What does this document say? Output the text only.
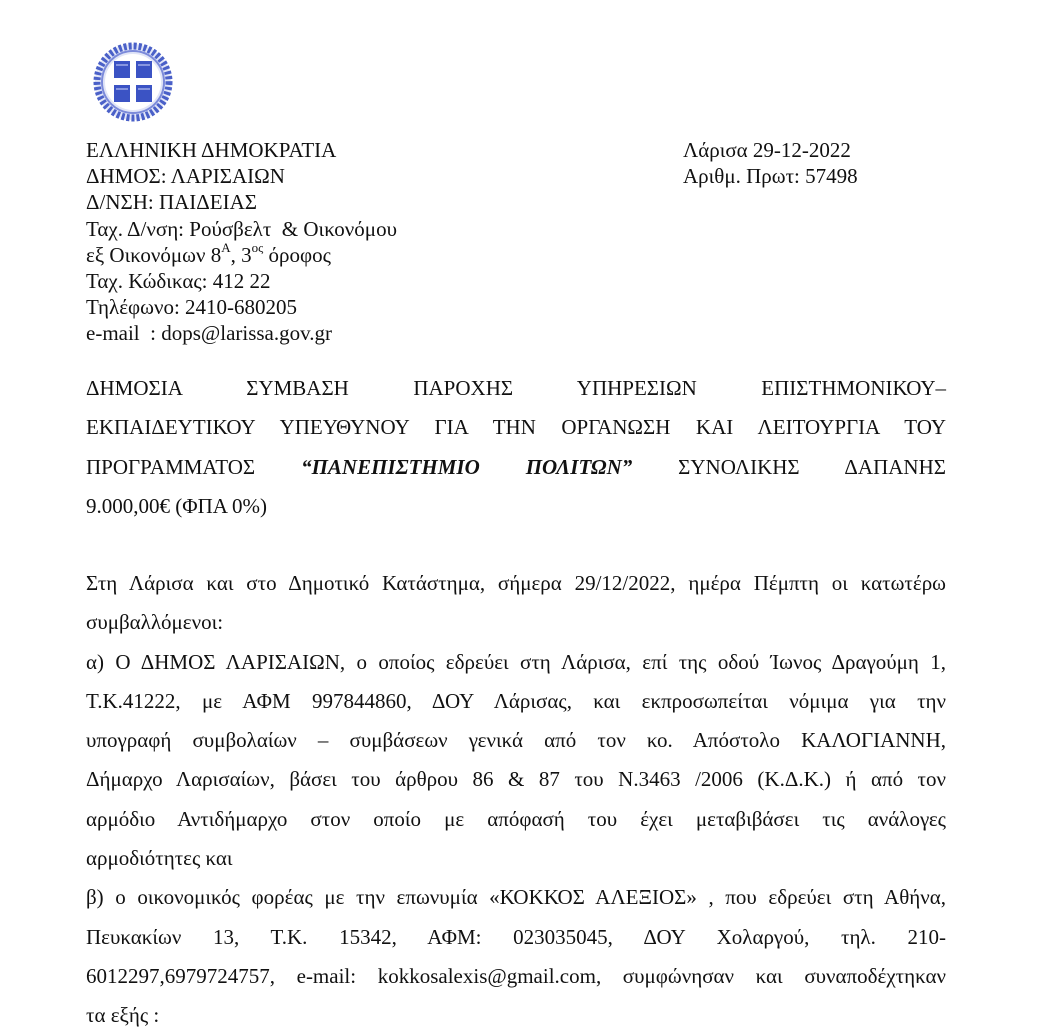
ΕΛΛΗΝΙΚΗ ΔΗΜΟΚΡΑΤΙΑ
ΔΗΜΟΣ: ΛΑΡΙΣΑΙΩΝ
Δ/ΝΣΗ: ΠΑΙΔΕΙΑΣ
Ταχ. Δ/νση: Ρούσβελτ  & Οικονόμου
εξ Οικονόμων $8^A$, $3^{o\varsigma}$ όροφος
Ταχ. Κώδικας: 412 22
Τηλέφωνο: 2410-680205
e-mail  : dops@larissa.gov.gr
Λάρισα 29-12-2022
Αριθμ. Πρωτ: 57498
ΔΗΜΟΣΙΑ ΣΥΜΒΑΣΗ ΠΑΡΟΧΗΣ ΥΠΗΡΕΣΙΩΝ ΕΠΙΣΤΗΜΟΝΙΚΟΥ–
ΕΚΠΑΙΔΕΥΤΙΚΟΥ ΥΠΕΥΘΥΝΟΥ ΓΙΑ ΤΗΝ ΟΡΓΑΝΩΣΗ ΚΑΙ ΛΕΙΤΟΥΡΓΙΑ ΤΟΥ
ΠΡΟΓΡΑΜΜΑΤΟΣ “ΠΑΝΕΠΙΣΤΗΜΙΟ ΠΟΛΙΤΩΝ” ΣΥΝΟΛΙΚΗΣ ΔΑΠΑΝΗΣ
9.000,00€ (ΦΠΑ 0%)
Στη Λάρισα και στο Δημοτικό Κατάστημα, σήμερα 29/12/2022, ημέρα Πέμπτη οι κατωτέρω
συμβαλλόμενοι:
α) Ο ΔΗΜΟΣ ΛΑΡΙΣΑΙΩΝ, ο οποίος εδρεύει στη Λάρισα, επί της οδού Ίωνος Δραγούμη 1,
Τ.Κ.41222, με ΑΦΜ 997844860, ΔΟΥ Λάρισας, και εκπροσωπείται νόμιμα για την
υπογραφή συμβολαίων – συμβάσεων γενικά από τον κο. Απόστολο ΚΑΛΟΓΙΑΝΝΗ,
Δήμαρχο Λαρισαίων, βάσει του άρθρου 86 & 87 του Ν.3463 /2006 (Κ.Δ.Κ.) ή από τον
αρμόδιο Αντιδήμαρχο στον οποίο με απόφασή του έχει μεταβιβάσει τις ανάλογες
αρμοδιότητες και
β) ο οικονομικός φορέας με την επωνυμία «ΚΟΚΚΟΣ ΑΛΕΞΙΟΣ» , που εδρεύει στη Αθήνα,
Πευκακίων 13, Τ.Κ. 15342, ΑΦΜ: 023035045, ΔΟΥ Χολαργού, τηλ. 210-
6012297,6979724757, e-mail: kokkosalexis@gmail.com, συμφώνησαν και συναποδέχτηκαν
τα εξής :
